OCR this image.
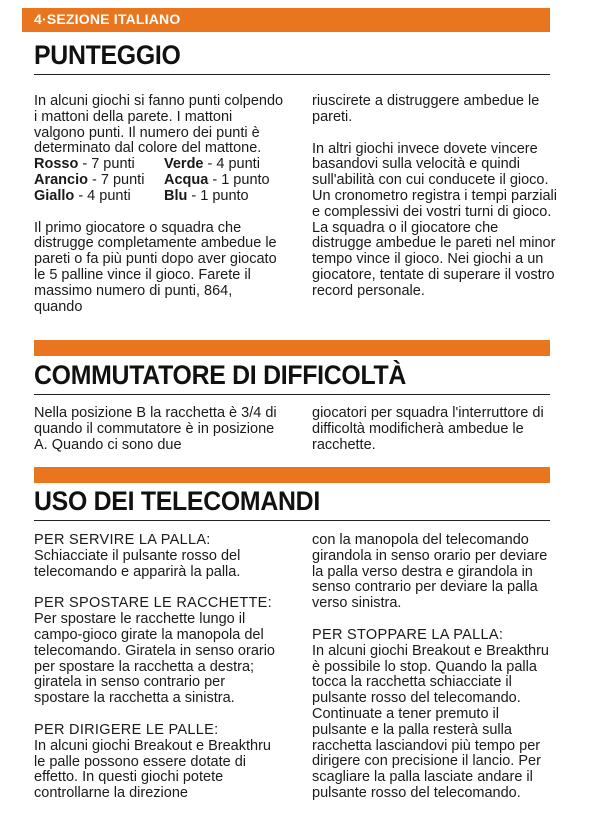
4·SEZIONE ITALIANO
PUNTEGGIO

In alcuni giochi si fanno punti colpendo i mattoni della parete. I mattoni valgono punti. Il numero dei punti è determinato dal colore del mattone.

Rosso - 7 punti	Verde - 4 punti
Arancio - 7 punti	Acqua - 1 punto
Giallo - 4 punti	Blu - 1 punto

Il primo giocatore o squadra che distrugge completamente ambedue le pareti o fa più punti dopo aver giocato le 5 palline vince il gioco. Farete il massimo numero di punti, 864, quando

riuscirete a distruggere ambedue le pareti.

In altri giochi invece dovete vincere basandovi sulla velocità e quindi sull'abilità con cui conducete il gioco. Un cronometro registra i tempi parziali e complessivi dei vostri turni di gioco. La squadra o il giocatore che distrugge ambedue le pareti nel minor tempo vince il gioco. Nei giochi a un giocatore, tentate di superare il vostro record personale.

COMMUTATORE DI DIFFICOLTÀ

Nella posizione B la racchetta è 3/4 di quando il commutatore è in posizione A. Quando ci sono due

giocatori per squadra l'interruttore di difficoltà modificherà ambedue le racchette.

USO DEI TELECOMANDI

PER SERVIRE LA PALLA:
Schiacciate il pulsante rosso del telecomando e apparirà la palla.

PER SPOSTARE LE RACCHETTE:
Per spostare le racchette lungo il campo-gioco girate la manopola del telecomando. Giratela in senso orario per spostare la racchetta a destra; giratela in senso contrario per spostare la racchetta a sinistra.

PER DIRIGERE LE PALLE:
In alcuni giochi Breakout e Breakthru le palle possono essere dotate di effetto. In questi giochi potete controllarne la direzione

con la manopola del telecomando girandola in senso orario per deviare la palla verso destra e girandola in senso contrario per deviare la palla verso sinistra.

PER STOPPARE LA PALLA:
In alcuni giochi Breakout e Breakthru è possibile lo stop. Quando la palla tocca la racchetta schiacciate il pulsante rosso del telecomando. Continuate a tener premuto il pulsante e la palla resterà sulla racchetta lasciandovi più tempo per dirigere con precisione il lancio. Per scagliare la palla lasciate andare il pulsante rosso del telecomando.
